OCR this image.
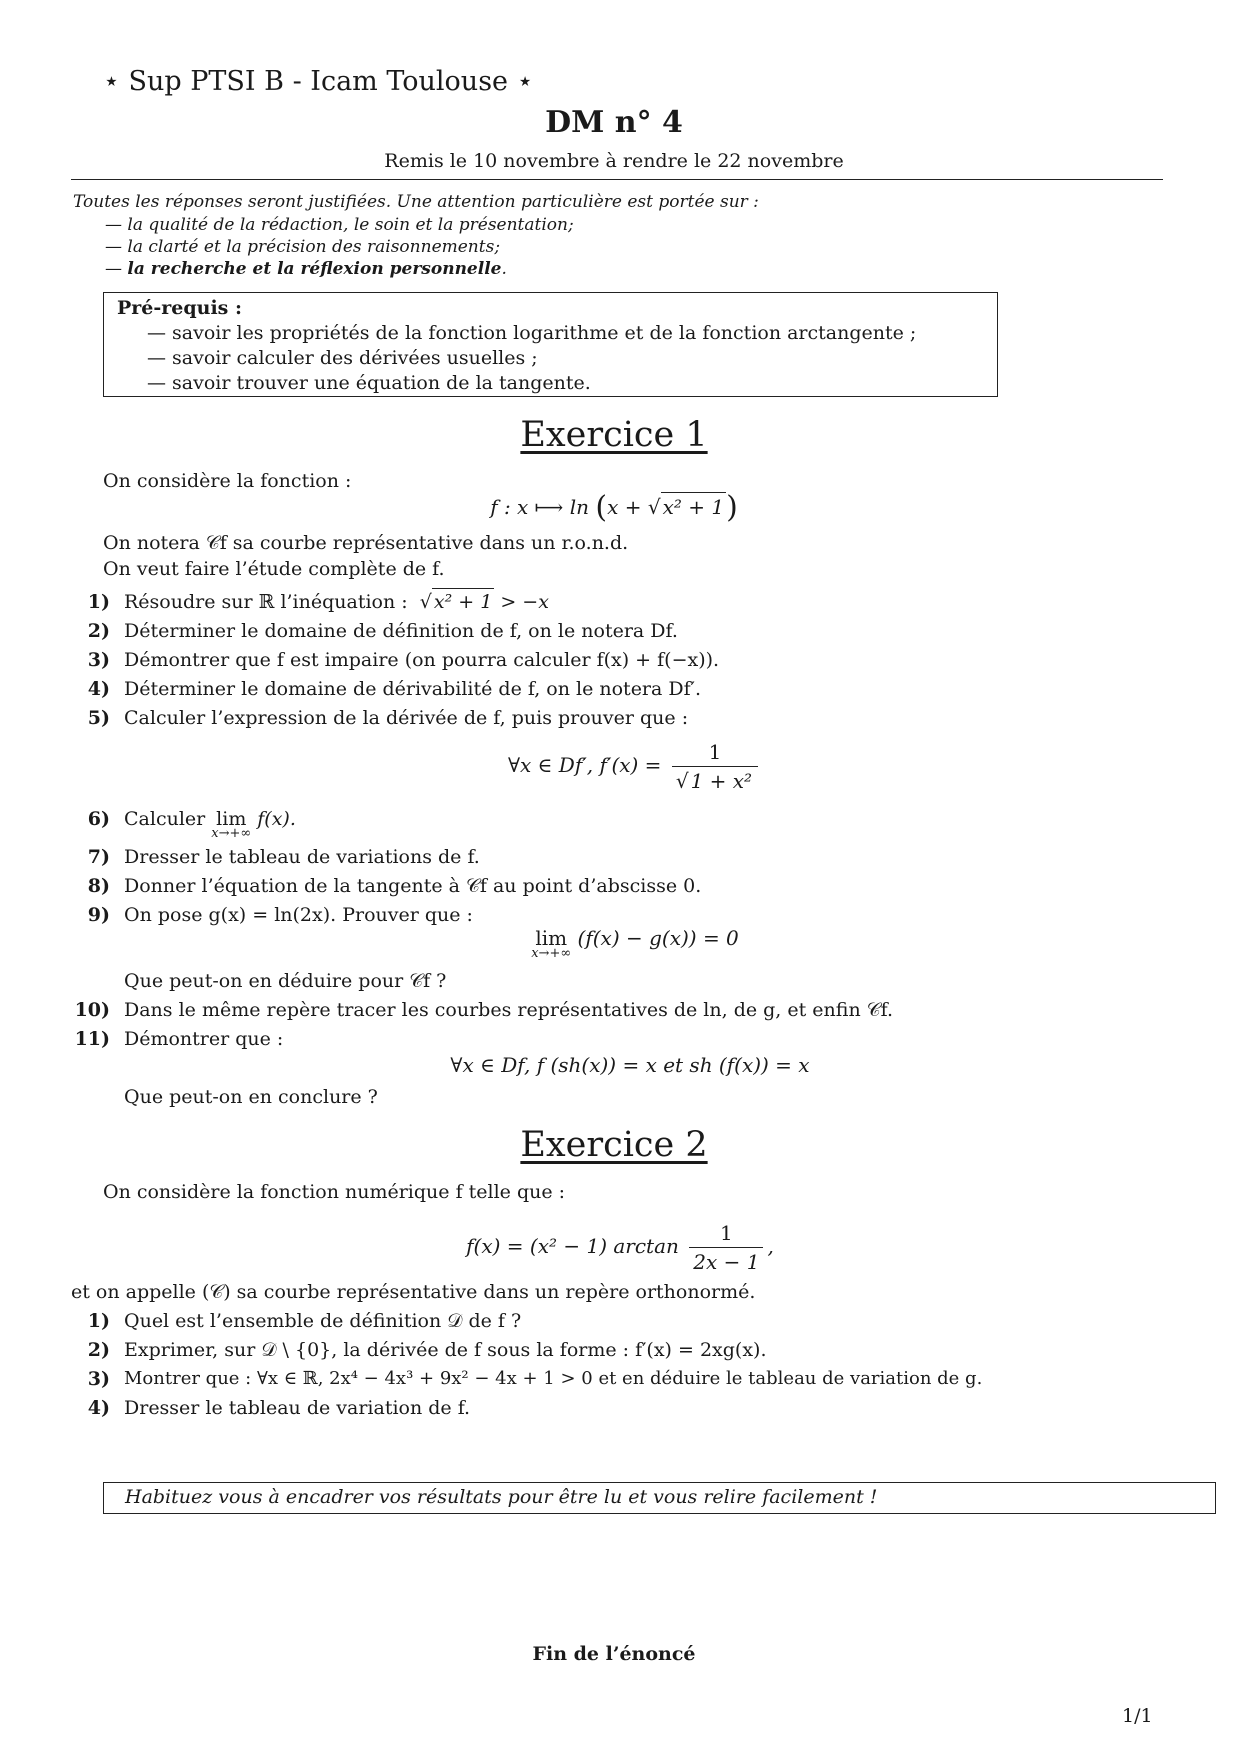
⋆ Sup PTSI B - Icam Toulouse ⋆
DM n° 4
Remis le 10 novembre à rendre le 22 novembre
Toutes les réponses seront justifiées. Une attention particulière est portée sur :
— la qualité de la rédaction, le soin et la présentation;
— la clarté et la précision des raisonnements;
— la recherche et la réflexion personnelle.
Pré-requis :
— savoir les propriétés de la fonction logarithme et de la fonction arctangente ;
— savoir calculer des dérivées usuelles ;
— savoir trouver une équation de la tangente.
Exercice 1
On considère la fonction :
f : x ⟼ ln (x + √ x² + 1)
On notera 𝒞f sa courbe représentative dans un r.o.n.d.
On veut faire l’étude complète de f.
1) Résoudre sur ℝ l’inéquation : √ x² + 1 > −x
2) Déterminer le domaine de définition de f, on le notera Df.
3) Démontrer que f est impaire (on pourra calculer f(x) + f(−x)).
4) Déterminer le domaine de dérivabilité de f, on le notera Df′.
5) Calculer l’expression de la dérivée de f, puis prouver que :
∀x ∈ Df′, $f'(x) = \frac{1}{\text{√ 1 + x²}}$
6) Calculer lim
x→+∞
f(x).
7) Dresser le tableau de variations de f.
8) Donner l’équation de la tangente à 𝒞f au point d’abscisse 0.
9) On pose g(x) = ln(2x). Prouver que :
lim
x→+∞
(f(x) − g(x)) = 0
Que peut-on en déduire pour 𝒞f ?
10) Dans le même repère tracer les courbes représentatives de ln, de g, et enfin 𝒞f.
11) Démontrer que :
∀x ∈ Df, f (sh(x)) = x et sh (f(x)) = x
Que peut-on en conclure ?
Exercice 2
On considère la fonction numérique f telle que :
f(x) = (x² − 1) $\arctan \frac{1}{2x - 1}$ ,
et on appelle (𝒞) sa courbe représentative dans un repère orthonormé.
1) Quel est l’ensemble de définition 𝒟 de f ?
2) Exprimer, sur 𝒟 \ {0}, la dérivée de f sous la forme : f′(x) = 2xg(x).
3) Montrer que : ∀x ∈ ℝ, 2x⁴ − 4x³ + 9x² − 4x + 1 > 0 et en déduire le tableau de variation de g.
4) Dresser le tableau de variation de f.
Habituez vous à encadrer vos résultats pour être lu et vous relire facilement !
Fin de l’énoncé
1/1
